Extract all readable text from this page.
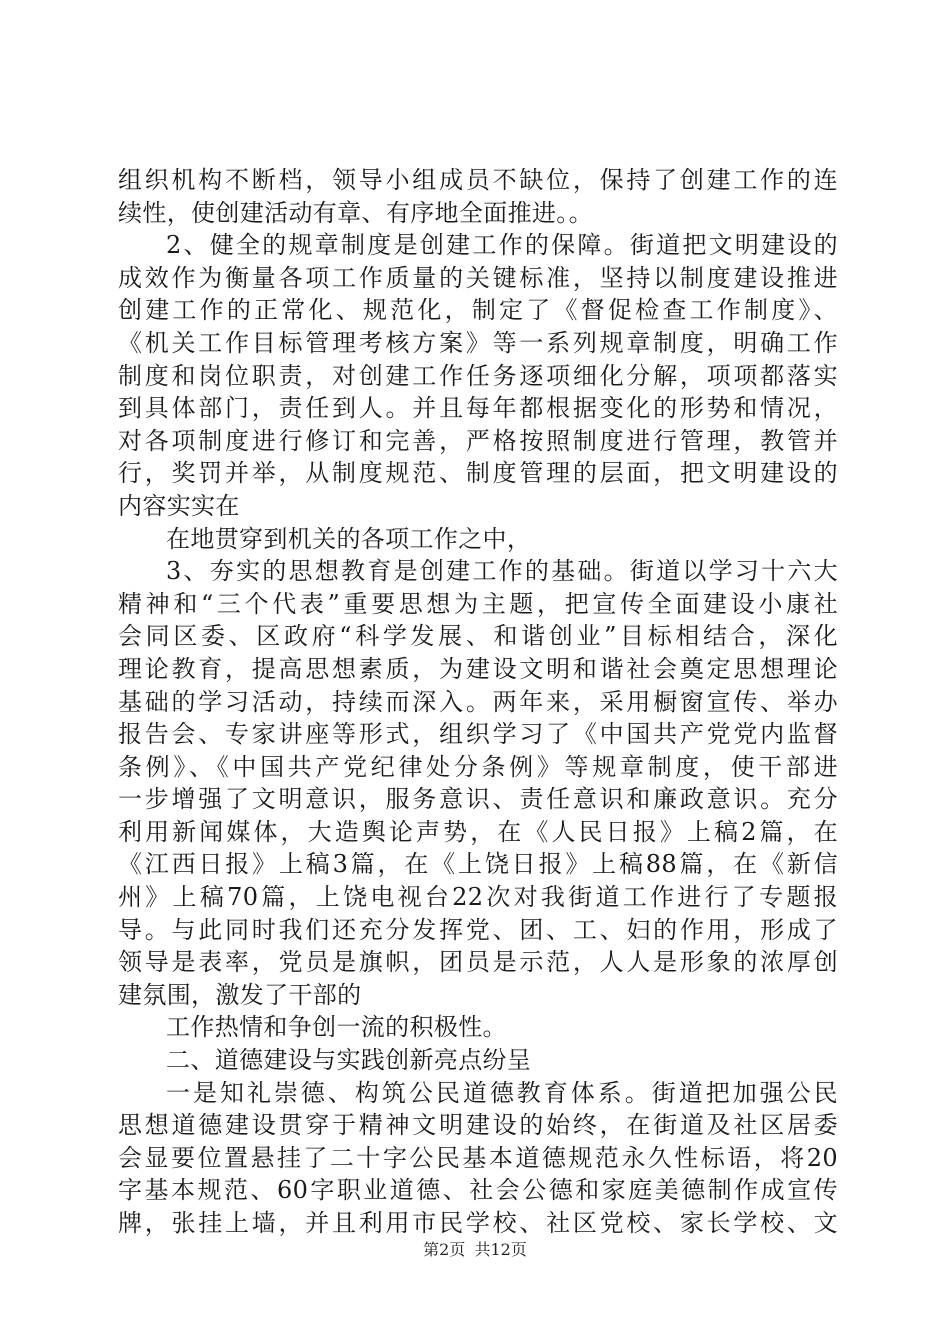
组织机构不断档，领导小组成员不缺位，保持了创建工作的连
续性，使创建活动有章、有序地全面推进。。
2、健全的规章制度是创建工作的保障。街道把文明建设的
成效作为衡量各项工作质量的关键标准，坚持以制度建设推进
创建工作的正常化、规范化，制定了《督促检查工作制度》、
《机关工作目标管理考核方案》等一系列规章制度，明确工作
制度和岗位职责，对创建工作任务逐项细化分解，项项都落实
到具体部门，责任到人。并且每年都根据变化的形势和情况，
对各项制度进行修订和完善，严格按照制度进行管理，教管并
行，奖罚并举，从制度规范、制度管理的层面，把文明建设的
内容实实在
在地贯穿到机关的各项工作之中，
3、夯实的思想教育是创建工作的基础。街道以学习十六大
精神和“三个代表”重要思想为主题，把宣传全面建设小康社
会同区委、区政府“科学发展、和谐创业”目标相结合，深化
理论教育，提高思想素质，为建设文明和谐社会奠定思想理论
基础的学习活动，持续而深入。两年来，采用橱窗宣传、举办
报告会、专家讲座等形式，组织学习了《中国共产党党内监督
条例》、《中国共产党纪律处分条例》等规章制度，使干部进
一步增强了文明意识，服务意识、责任意识和廉政意识。充分
利用新闻媒体，大造舆论声势，在《人民日报》上稿2篇，在
《江西日报》上稿3篇，在《上饶日报》上稿88篇，在《新信
州》上稿70篇，上饶电视台22次对我街道工作进行了专题报
导。与此同时我们还充分发挥党、团、工、妇的作用，形成了
领导是表率，党员是旗帜，团员是示范，人人是形象的浓厚创
建氛围，激发了干部的
工作热情和争创一流的积极性。
二、道德建设与实践创新亮点纷呈
一是知礼崇德、构筑公民道德教育体系。街道把加强公民
思想道德建设贯穿于精神文明建设的始终，在街道及社区居委
会显要位置悬挂了二十字公民基本道德规范永久性标语，将20
字基本规范、60字职业道德、社会公德和家庭美德制作成宣传
牌，张挂上墙，并且利用市民学校、社区党校、家长学校、文
第2页 共12页
